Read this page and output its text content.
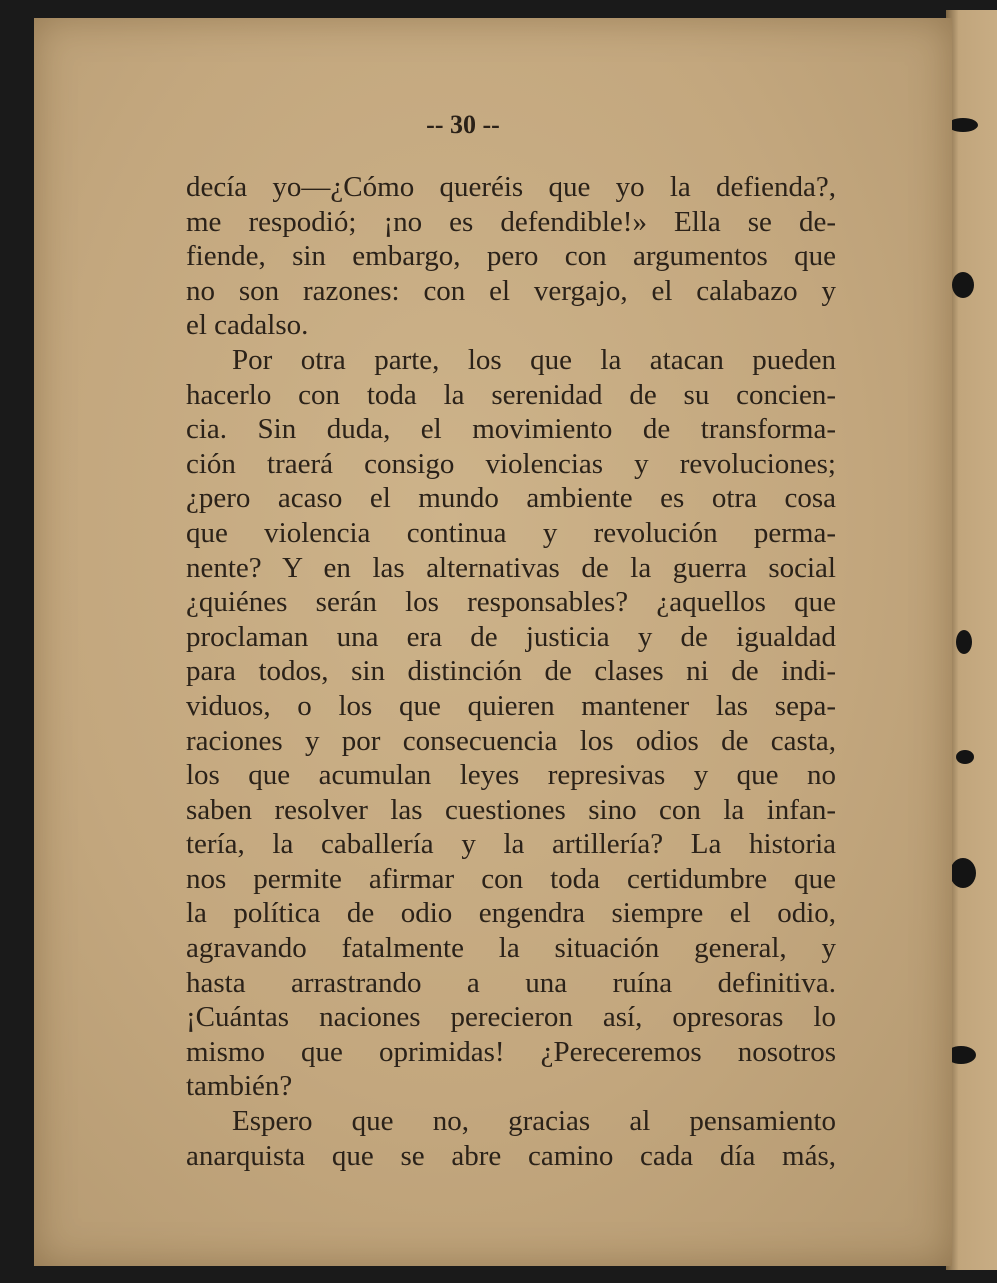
-- 30 --
decía yo—¿Cómo queréis que yo la defienda?,
me respodió; ¡no es defendible!» Ella se de-
fiende, sin embargo, pero con argumentos que
no son razones: con el vergajo, el calabazo y
el cadalso.
Por otra parte, los que la atacan pueden
hacerlo con toda la serenidad de su concien-
cia. Sin duda, el movimiento de transforma-
ción traerá consigo violencias y revoluciones;
¿pero acaso el mundo ambiente es otra cosa
que violencia continua y revolución perma-
nente? Y en las alternativas de la guerra social
¿quiénes serán los responsables? ¿aquellos que
proclaman una era de justicia y de igualdad
para todos, sin distinción de clases ni de indi-
viduos, o los que quieren mantener las sepa-
raciones y por consecuencia los odios de casta,
los que acumulan leyes represivas y que no
saben resolver las cuestiones sino con la infan-
tería, la caballería y la artillería? La historia
nos permite afirmar con toda certidumbre que
la política de odio engendra siempre el odio,
agravando fatalmente la situación general, y
hasta arrastrando a una ruína definitiva.
¡Cuántas naciones perecieron así, opresoras lo
mismo que oprimidas! ¿Pereceremos nosotros
también?
Espero que no, gracias al pensamiento
anarquista que se abre camino cada día más,
